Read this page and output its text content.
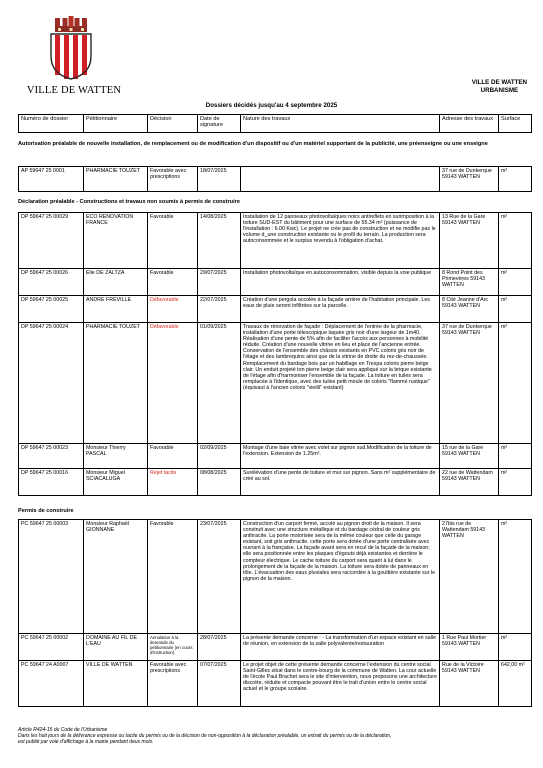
VILLE DE WATTEN
VILLE DE WATTEN
URBANISME
Dossiers décidés jusqu'au 4 septembre 2025
Numéro de dossier	Pétitionnaire	Décision	Date de signature	Nature des travaux	Adresse des travaux	Surface
Autorisation préalable de nouvelle installation, de remplacement ou de modification d'un dispositif ou d'un matériel supportant de la publicité, une préenseigne ou une enseigne
AP 59647 25 0001	PHARMACIE TOUZET	Favorable avec prescriptions	18/07/2025		37 rue de Dunkerque 59143 WATTEN	m²
Déclaration préalable - Constructions et travaux non soumis à permis de construire
DP 59647 25 00029	ECO RENOVATION FRANCE	Favorable	14/08/2025	Installation de 12 panneaux photovoltaïques noirs antireflets en surimposition à la toiture SUD-EST du bâtiment pour une surface de 55.34 m² (puissance de l'installation : 6.00 Kwc). Le projet ne crée pas de construction et ne modifie pas le volume d_une construction existante ou le profil du terrain. La production sera autoconsommée et le surplus revendu à l'obligation d'achat.	13 Rue de la Gare 59143 WATTEN	m²
DP 59647 25 00026	Elie DE ZALTZA	Favorable	29/07/2025	Installation photovoltaïque en autoconsommation, visible depuis la voie publique	8 Rond Point des Primevères 59143 WATTEN	m²
DP 59647 25 00025	ANDRE FREVILLE	Défavorable	22/07/2025	Création d'une pergola accolée à la façade arrière de l'habitation principale. Les eaux de pluie seront infiltrées sur la parcelle.	8 Cité Jeanne d'Arc 59143 WATTEN	m²
DP 59647 25 00024	PHARMACIE TOUZET	Défavorable	01/09/2025	Travaux de rénovation de façade : Déplacement de l'entrée de la pharmacie, installation d'une porte télescopique laquée gris noir d'une largeur de 1m40. Réalisation d'une pente de 5% afin de faciliter l'accès aux personnes à mobilité réduite. Création d'une nouvelle vitrine en lieu et place de l'ancienne entrée. Conservation de l'ensemble des châssis existants en PVC coloris gris noir de l'étage et des lambrequins ainsi que de la vitrine de droite du rez-de-chaussée. Remplacement du bardage bois par un habillage en Trespa coloris pierre beige clair. Un enduit projeté ton pierre beige clair sera appliqué sur la brique existante de l'étage afin d'harmoniser l'ensemble de la façade. La toiture en tuiles sera remplacée à l'identique, avec des tuiles petit moule de coloris "flammé rustique" (équivaut à l'ancien coloris "vieilli" existant)	37 rue de Dunkerque 59143 WATTEN	m²
DP 59647 25 00023	Monsieur Thierry PASCAL	Favorable	02/09/2025	Montage d'une baie vitrée avec volet sur pignon sud.Modification de la toiture de l'extension. Extension de 1.25m².	15 rue de la Gare 59143 WATTEN	m²
DP 59647 25 00016	Monsieur Miguel SCIACALUGA	Rejet tacite	08/08/2025	Surélévation d'une pente de toiture et mur sur pignon. Sans m² supplémentaire de créé au sol.	22 rue de Wattendam 59143 WATTEN	m²
Permis de construire
PC 59647 25 00003	Monsieur Raphaël GIONNANE	Favorable	23/07/2025	Construction d'un carport fermé, accolé au pignon droit de la maison. Il sera construit avec une structure métallique et du bardage cédral de couleur gris anthracite. La porte motorisée sera de la même couleur que celle du garage existant, soit gris anthracite. cette porte sera dotée d'une porte centralisée avec ouvrant à la française. La façade avant sera en recul de la façade de la maison; elle sera positionnée entre les plaques d'égouts déjà existantes et derrière le compteur électrique. Le cache toiture du carport sera quant à lui dans le prolongement de la façade de la maison. La toiture sera dotée de panneaux en tôle. L'évacuation des eaux pluviales sera raccordée à la gouttière existante sur le pignon de la maison.	27bis rue de Wattendam 59143 WATTEN	m²
PC 59647 25 00002	DOMAINE AU FIL DE L'EAU	Annulation à la demande du pétitionnaire (en cours d'instruction)	28/07/2025	La présente demande concerne : - La transformation d'un espace existant en salle de réunion, en extension de la salle polyvalente/restauration	1 Rue Paul Mortier 59143 WATTEN	m²
PC 59647 24 A0007	VILLE DE WATTEN	Favorable avec prescriptions	07/07/2025	Le projet objet de cette présente demande concerne l'extension du centre social Saint-Gilles situé dans le centre-bourg de la commune de Watten. La cour actuelle de l'école Paul Brachet sera le site d'intervention, nous proposons une architecture discrète, réduite et compacte pouvant être le trait d'union entre le centre social actuel et le groupe scolaire.	Rue de la Victoire 59143 WATTEN	642,00 m²
Article R424-15 du Code de l'Urbanisme
Dans les huit jours de la délivrance expresse ou tacite du permis ou de la décision de non-opposition à la déclaration préalable, un extrait du permis ou de la déclaration,
est publié par voie d'affichage à la mairie pendant deux mois.
